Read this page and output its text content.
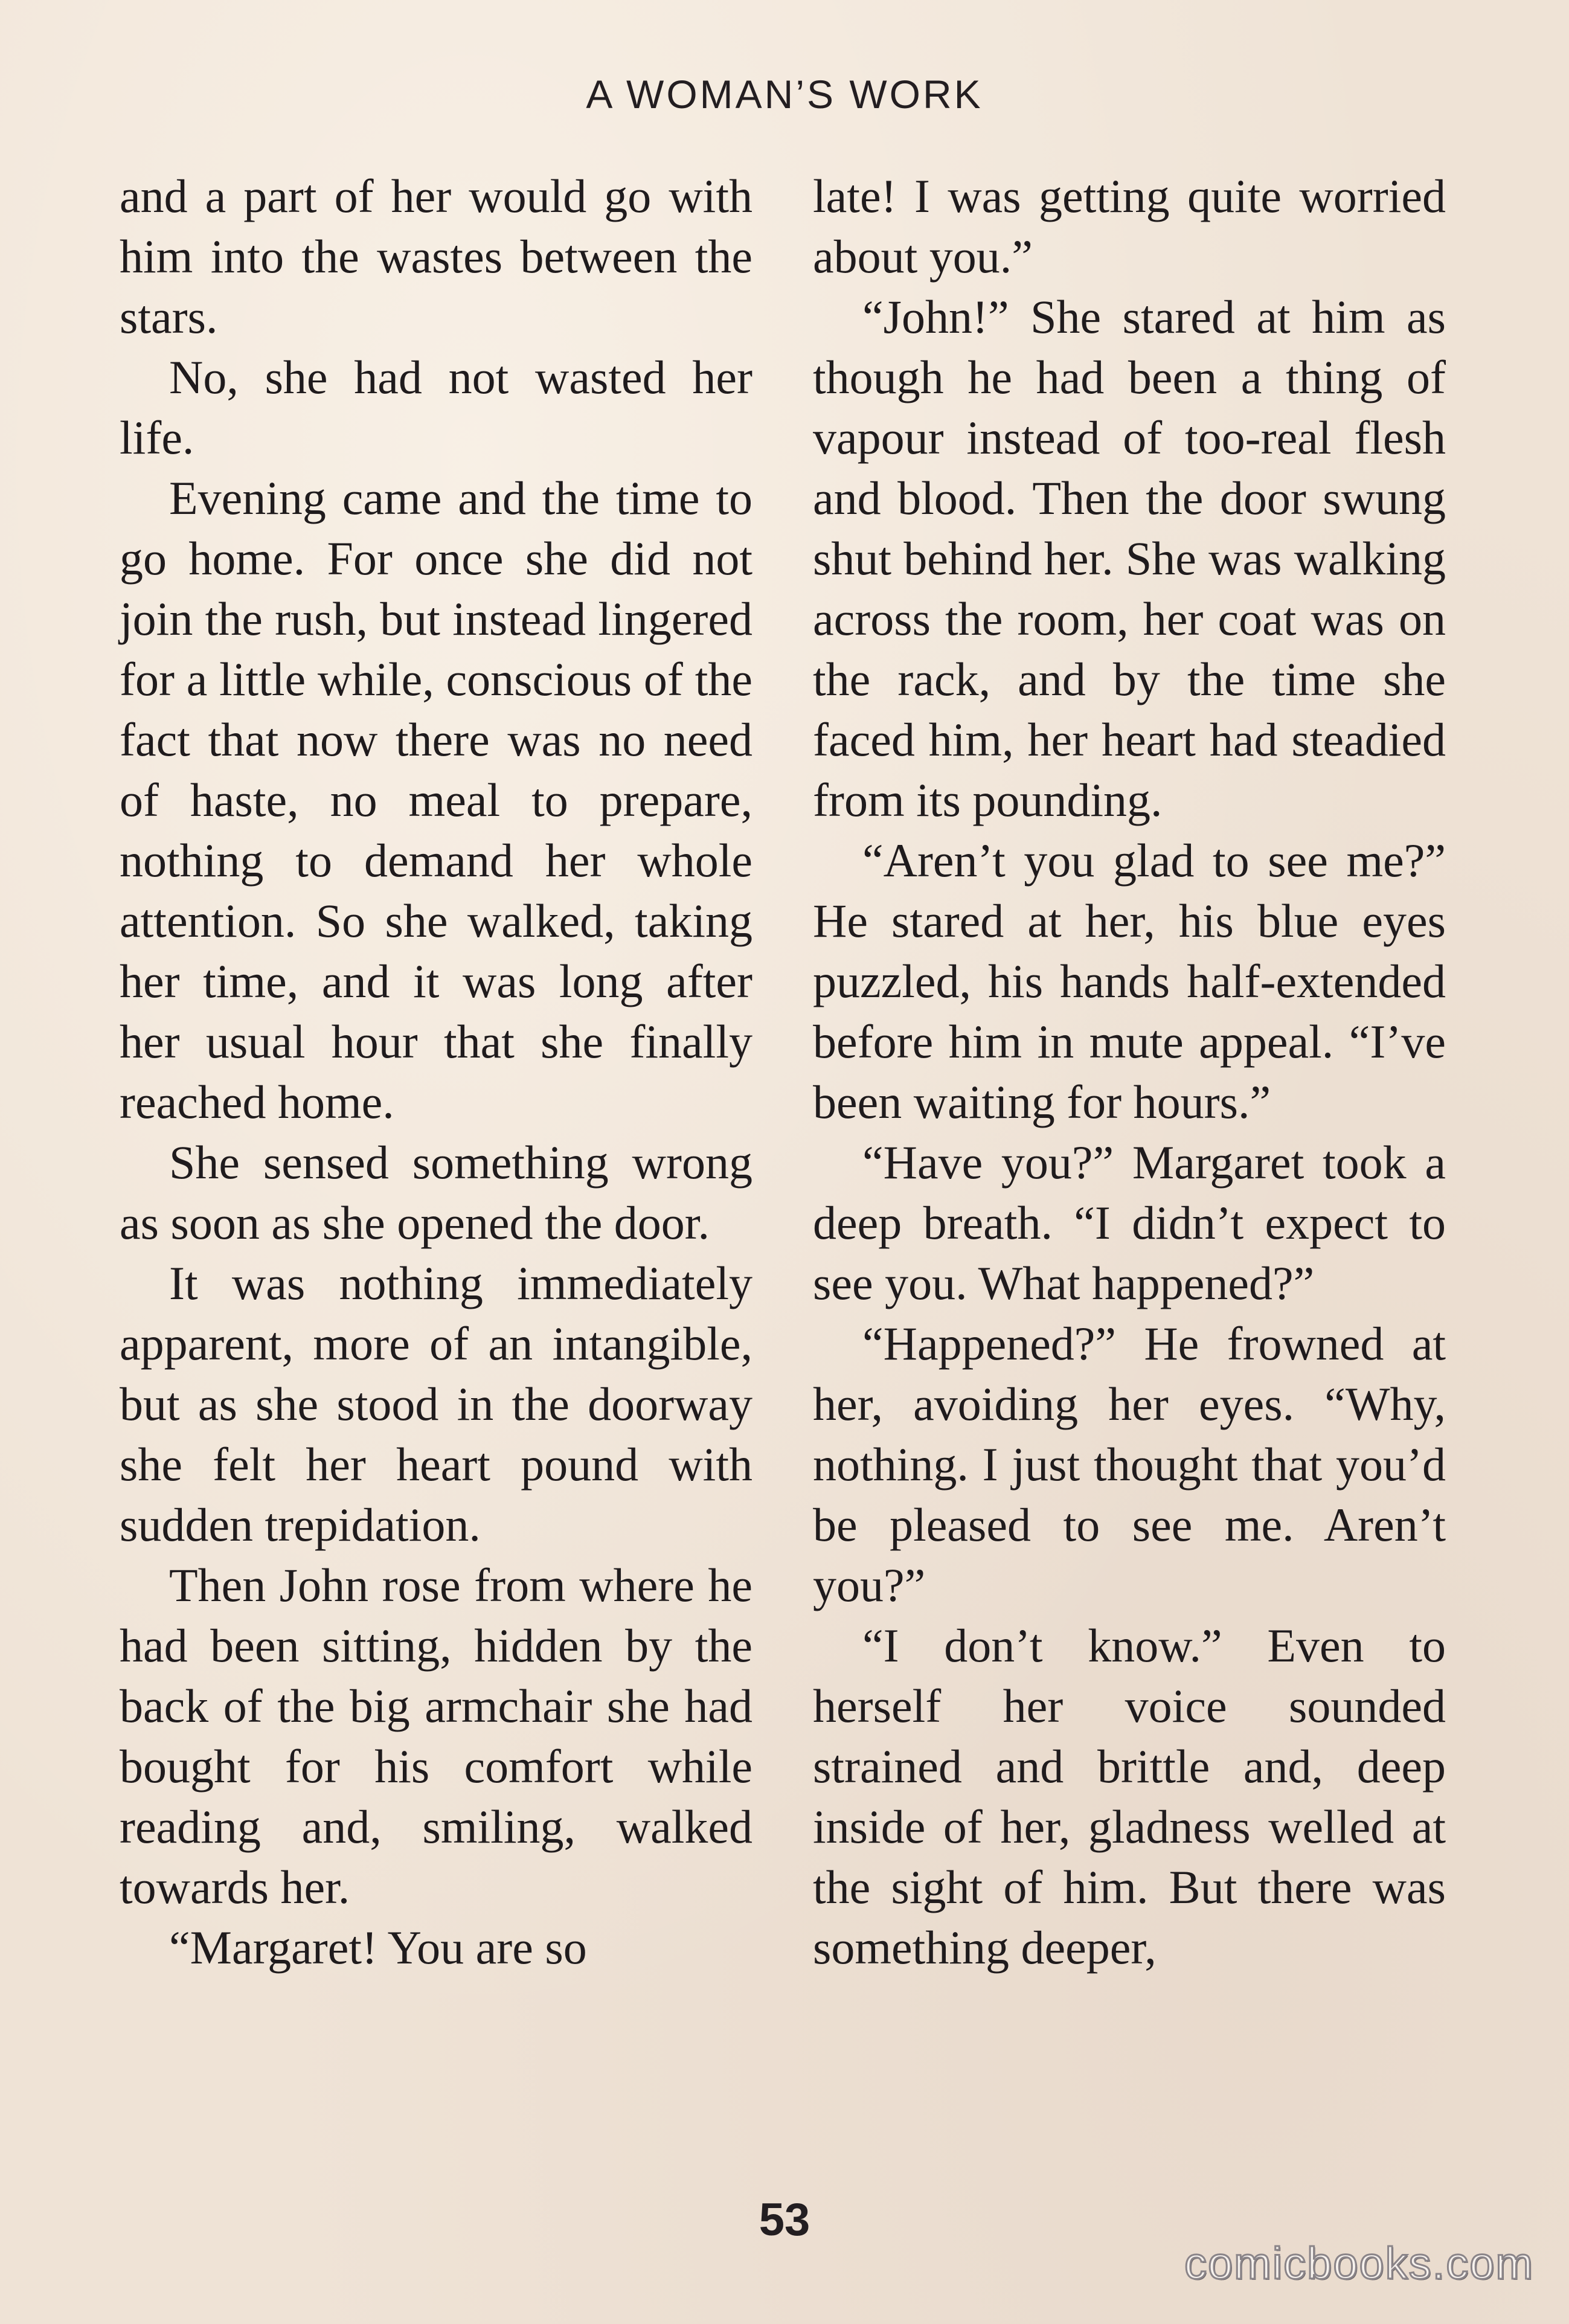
A WOMAN’S WORK

and a part of her would go with him into the wastes between the stars.

No, she had not wasted her life.

Evening came and the time to go home. For once she did not join the rush, but instead lingered for a little while, conscious of the fact that now there was no need of haste, no meal to prepare, nothing to demand her whole attention. So she walked, taking her time, and it was long after her usual hour that she finally reached home.

She sensed something wrong as soon as she opened the door.

It was nothing immediately apparent, more of an intangible, but as she stood in the doorway she felt her heart pound with sudden trepidation.

Then John rose from where he had been sitting, hidden by the back of the big armchair she had bought for his comfort while reading and, smiling, walked towards her.

“Margaret! You are so

late! I was getting quite worried about you.”

“John!” She stared at him as though he had been a thing of vapour instead of too-real flesh and blood. Then the door swung shut behind her. She was walking across the room, her coat was on the rack, and by the time she faced him, her heart had steadied from its pounding.

“Aren’t you glad to see me?” He stared at her, his blue eyes puzzled, his hands half-extended before him in mute appeal. “I’ve been waiting for hours.”

“Have you?” Margaret took a deep breath. “I didn’t expect to see you. What happened?”

“Happened?” He frowned at her, avoiding her eyes. “Why, nothing. I just thought that you’d be pleased to see me. Aren’t you?”

“I don’t know.” Even to herself her voice sounded strained and brittle and, deep inside of her, gladness welled at the sight of him. But there was something deeper,

53
comicbooks.com
